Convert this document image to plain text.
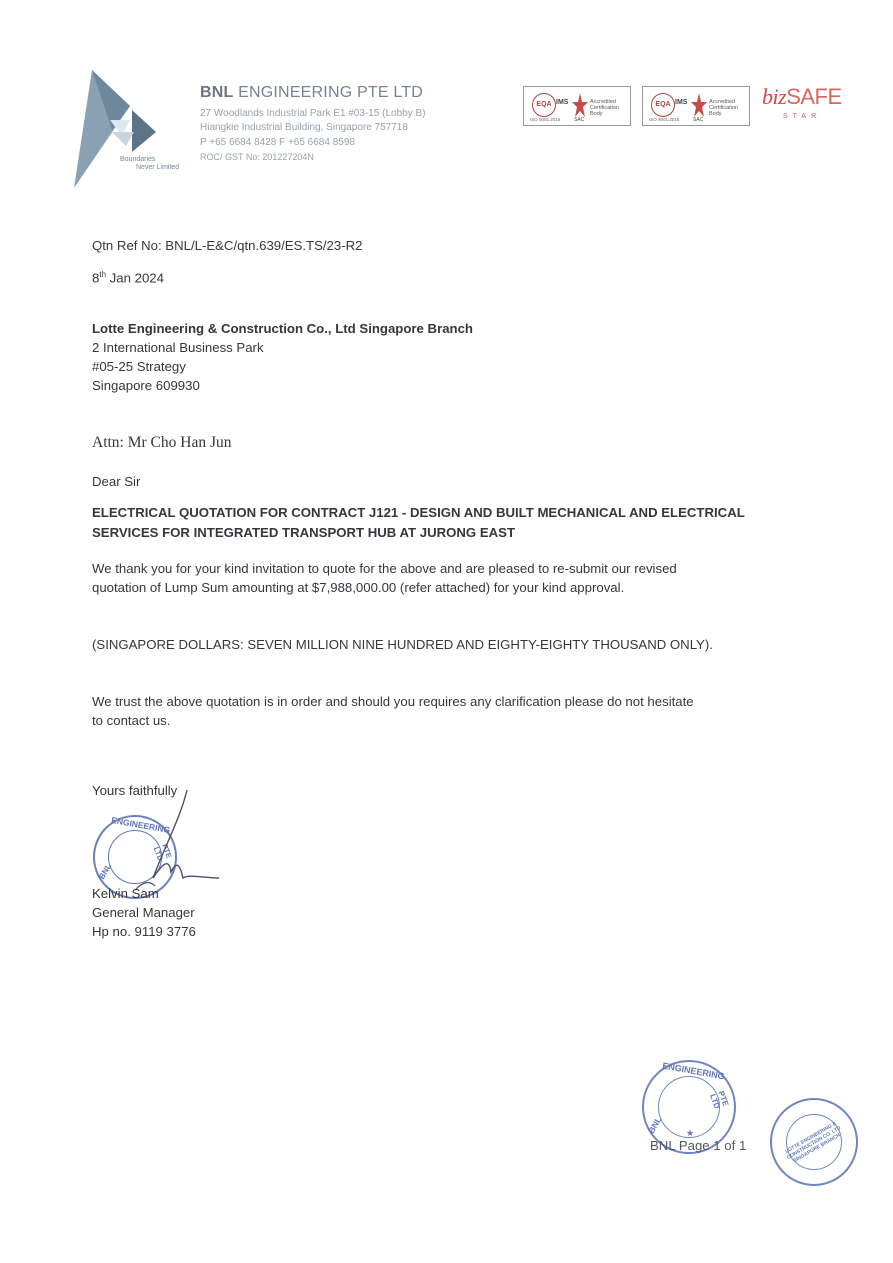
Boundaries
Never Limited
BNL ENGINEERING PTE LTD
27 Woodlands Industrial Park E1 #03-15 (Lobby B)
Hiangkie Industrial Building, Singapore 757718
P +65 6684 8428 F +65 6684 8598
ROC/ GST No: 201227204N
EQA IMS	Accredited Certification Body
ISO 9001:2015	SAC
EQA IMS	Accredited Certification Body
ISO 9001:2015	SAC
bizSAFE
STAR
Qtn Ref No: BNL/L-E&C/qtn.639/ES.TS/23-R2
8th Jan 2024
Lotte Engineering & Construction Co., Ltd Singapore Branch
2 International Business Park
#05-25 Strategy
Singapore 609930
Attn: Mr Cho Han Jun
Dear Sir
ELECTRICAL QUOTATION FOR CONTRACT J121 - DESIGN AND BUILT MECHANICAL AND ELECTRICAL
SERVICES FOR INTEGRATED TRANSPORT HUB AT JURONG EAST
We thank you for your kind invitation to quote for the above and are pleased to re-submit our revised
quotation of Lump Sum amounting at $7,988,000.00 (refer attached) for your kind approval.
(SINGAPORE DOLLARS: SEVEN MILLION NINE HUNDRED AND EIGHTY-EIGHTY THOUSAND ONLY).
We trust the above quotation is in order and should you requires any clarification please do not hesitate
to contact us.
Yours faithfully
ENGINEERING
BNL
PTE LTD
Kelvin Sam
General Manager
Hp no. 9119 3776
ENGINEERING
BNL
PTE LTD
★
BNL Page 1 of 1	LOTTE ENGINEERING & CONSTRUCTION CO. LTD SINGAPORE BRANCH
